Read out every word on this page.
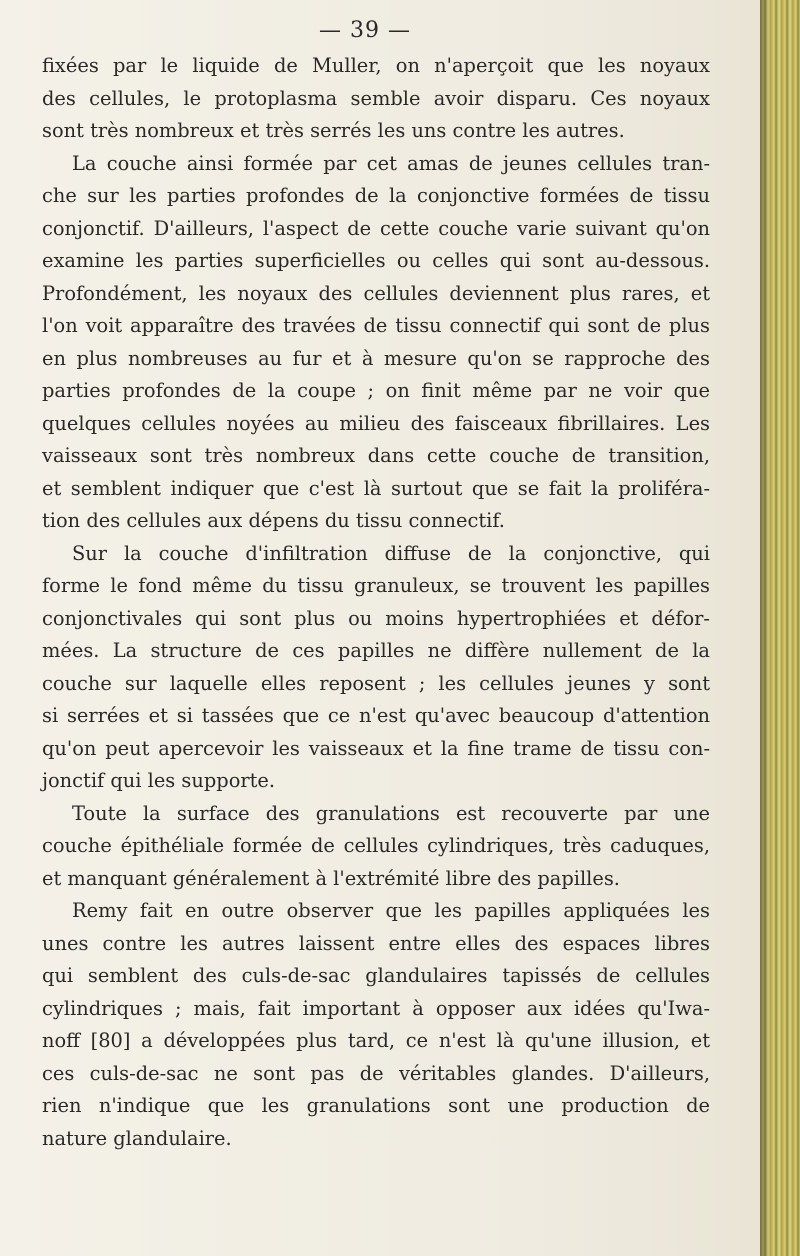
— 39 —

fixées par le liquide de Muller, on n'aperçoit que les noyaux

des cellules, le protoplasma semble avoir disparu. Ces noyaux

sont très nombreux et très serrés les uns contre les autres.

La couche ainsi formée par cet amas de jeunes cellules tran-

che sur les parties profondes de la conjonctive formées de tissu

conjonctif. D'ailleurs, l'aspect de cette couche varie suivant qu'on

examine les parties superficielles ou celles qui sont au-dessous.

Profondément, les noyaux des cellules deviennent plus rares, et

l'on voit apparaître des travées de tissu connectif qui sont de plus

en plus nombreuses au fur et à mesure qu'on se rapproche des

parties profondes de la coupe ; on finit même par ne voir que

quelques cellules noyées au milieu des faisceaux fibrillaires. Les

vaisseaux sont très nombreux dans cette couche de transition,

et semblent indiquer que c'est là surtout que se fait la proliféra-

tion des cellules aux dépens du tissu connectif.

Sur la couche d'infiltration diffuse de la conjonctive, qui

forme le fond même du tissu granuleux, se trouvent les papilles

conjonctivales qui sont plus ou moins hypertrophiées et défor-

mées. La structure de ces papilles ne diffère nullement de la

couche sur laquelle elles reposent ; les cellules jeunes y sont

si serrées et si tassées que ce n'est qu'avec beaucoup d'attention

qu'on peut apercevoir les vaisseaux et la fine trame de tissu con-

jonctif qui les supporte.

Toute la surface des granulations est recouverte par une

couche épithéliale formée de cellules cylindriques, très caduques,

et manquant généralement à l'extrémité libre des papilles.

Remy fait en outre observer que les papilles appliquées les

unes contre les autres laissent entre elles des espaces libres

qui semblent des culs-de-sac glandulaires tapissés de cellules

cylindriques ; mais, fait important à opposer aux idées qu'Iwa-

noff [80] a développées plus tard, ce n'est là qu'une illusion, et

ces culs-de-sac ne sont pas de véritables glandes. D'ailleurs,

rien n'indique que les granulations sont une production de

nature glandulaire.
